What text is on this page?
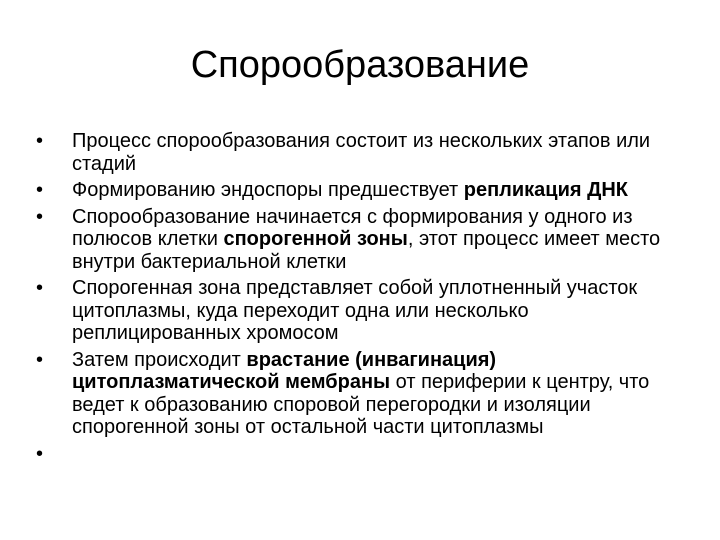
Спорообразование
•	Процесс спорообразования состоит из нескольких этапов или стадий
•	Формированию эндоспоры предшествует репликация ДНК
•	Спорообразование начинается с формирования у одного из полюсов клетки спорогенной зоны, этот процесс имеет место внутри бактериальной клетки
•	Спорогенная зона представляет собой уплотненный участок цитоплазмы, куда переходит одна или несколько реплицированных хромосом
•	Затем происходит врастание (инвагинация) цитоплазматической мембраны от периферии к центру, что ведет к образованию споровой перегородки и изоляции спорогенной зоны от остальной части цитоплазмы
•
